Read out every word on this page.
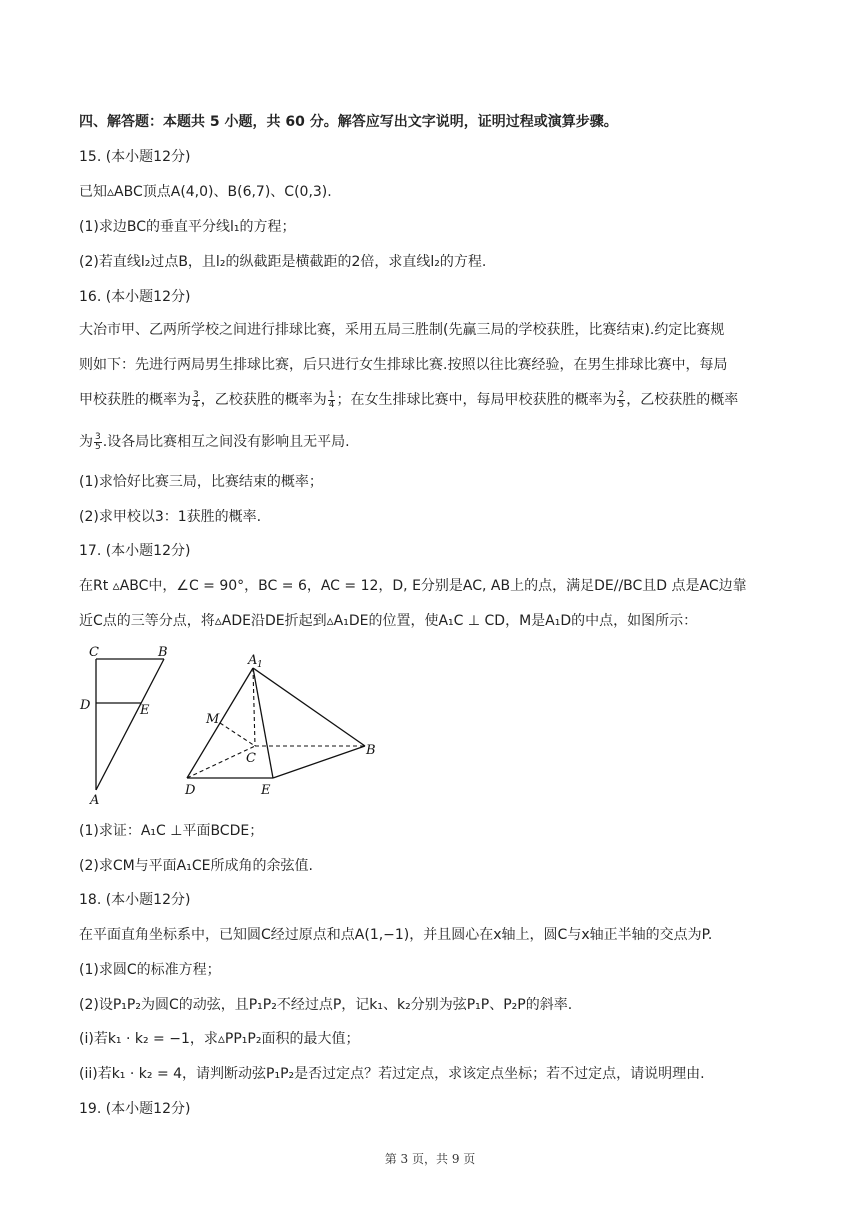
四、解答题：本题共 5 小题，共 60 分。解答应写出文字说明，证明过程或演算步骤。
15. (本小题12分)
已知▵ABC顶点A(4,0)、B(6,7)、C(0,3).
(1)求边BC的垂直平分线l₁的方程；
(2)若直线l₂过点B，且l₂的纵截距是横截距的2倍，求直线l₂的方程.
16. (本小题12分)
大冶市甲、乙两所学校之间进行排球比赛，采用五局三胜制(先赢三局的学校获胜，比赛结束).约定比赛规
则如下：先进行两局男生排球比赛，后只进行女生排球比赛.按照以往比赛经验，在男生排球比赛中，每局
甲校获胜的概率为 $\frac{3}{4}$ ，乙校获胜的概率为 $\frac{1}{4}$ ；在女生排球比赛中，每局甲校获胜的概率为 $\frac{2}{5}$ ，乙校获胜的概率
为 $\frac{3}{5}$ .设各局比赛相互之间没有影响且无平局.
(1)求恰好比赛三局，比赛结束的概率；
(2)求甲校以3：1获胜的概率.
17. (本小题12分)
在Rt ▵ABC中，∠C = 90°，BC = 6，AC = 12，D, E分别是AC, AB上的点，满足DE//BC且D 点是AC边靠
近C点的三等分点，将▵ADE沿DE折起到▵A₁DE的位置，使A₁C ⊥ CD，M是A₁D的中点，如图所示：
C	B
D	E
A
A 1
M
C
B
D	E
(1)求证：A₁C ⊥平面BCDE；
(2)求CM与平面A₁CE所成角的余弦值.
18. (本小题12分)
在平面直角坐标系中，已知圆C经过原点和点A(1,−1)，并且圆心在x轴上，圆C与x轴正半轴的交点为P.
(1)求圆C的标准方程；
(2)设P₁P₂为圆C的动弦，且P₁P₂不经过点P，记k₁、k₂分别为弦P₁P、P₂P的斜率.
(i)若k₁ · k₂ = −1，求▵PP₁P₂面积的最大值；
(ii)若k₁ · k₂ = 4，请判断动弦P₁P₂是否过定点？若过定点，求该定点坐标；若不过定点，请说明理由.
19. (本小题12分)
第 3 页，共 9 页
